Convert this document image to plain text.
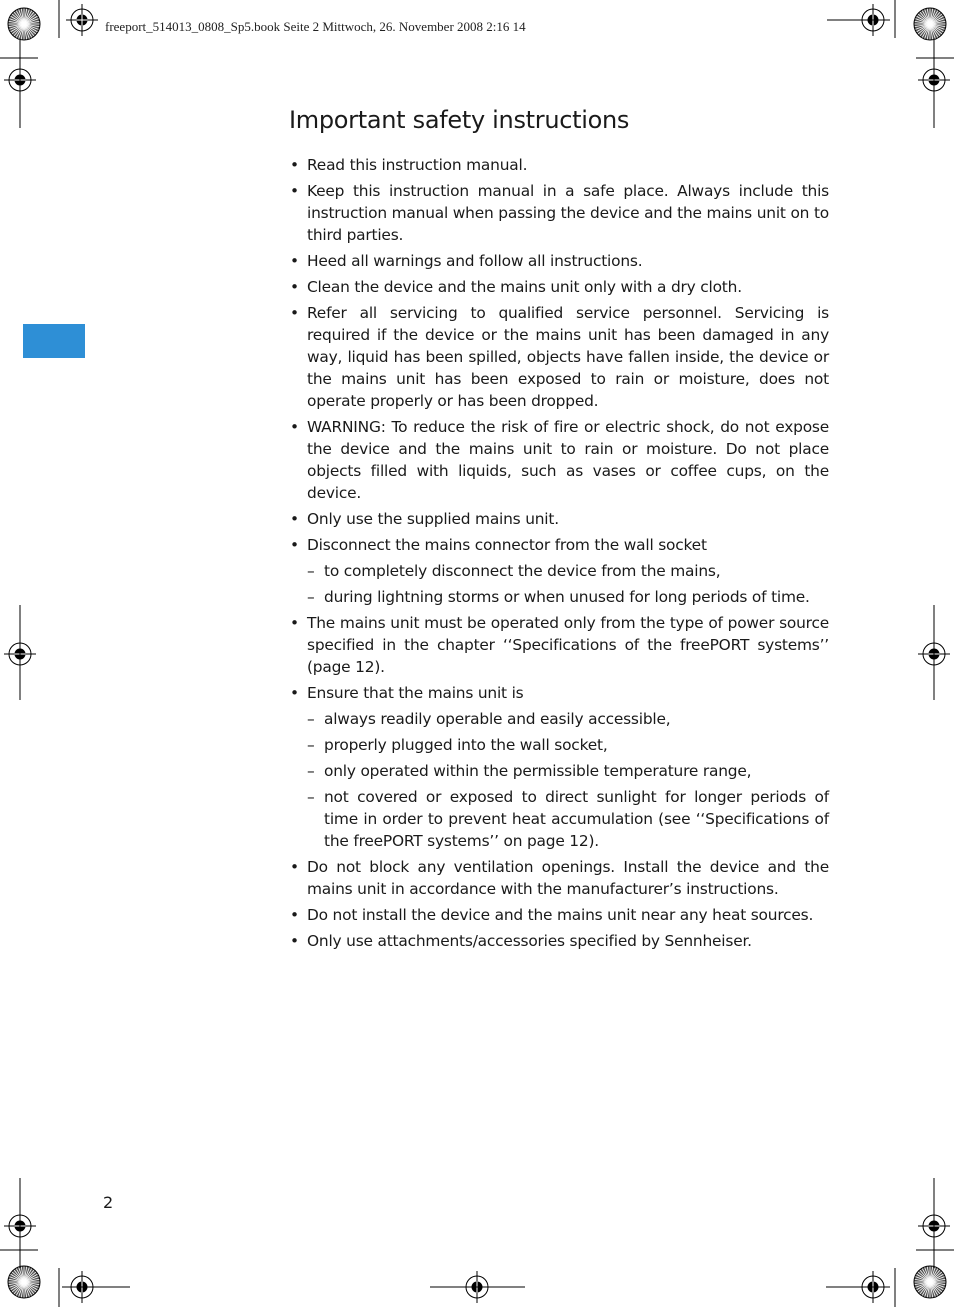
freeport_514013_0808_Sp5.book Seite 2 Mittwoch, 26. November 2008 2:16 14
Important safety instructions
• Read this instruction manual.
• Keep this instruction manual in a safe place. Always include this instruction manual when passing the device and the mains unit on to third parties.
• Heed all warnings and follow all instructions.
• Clean the device and the mains unit only with a dry cloth.
• Refer all servicing to qualified service personnel. Servicing is required if the device or the mains unit has been damaged in any way, liquid has been spilled, objects have fallen inside, the device or the mains unit has been exposed to rain or moisture, does not operate properly or has been dropped.
• WARNING: To reduce the risk of fire or electric shock, do not expose the device and the mains unit to rain or moisture. Do not place objects filled with liquids, such as vases or coffee cups, on the device.
• Only use the supplied mains unit.
• Disconnect the mains connector from the wall socket
– to completely disconnect the device from the mains,
– during lightning storms or when unused for long periods of time.
• The mains unit must be operated only from the type of power source specified in the chapter ‘‘Specifications of the freePORT systems’’ (page 12).
• Ensure that the mains unit is
– always readily operable and easily accessible,
– properly plugged into the wall socket,
– only operated within the permissible temperature range,
– not covered or exposed to direct sunlight for longer periods of time in order to prevent heat accumulation (see ‘‘Specifications of the freePORT systems’’ on page 12).
• Do not block any ventilation openings. Install the device and the mains unit in accordance with the manufacturer’s instructions.
• Do not install the device and the mains unit near any heat sources.
• Only use attachments/accessories specified by Sennheiser.
2
